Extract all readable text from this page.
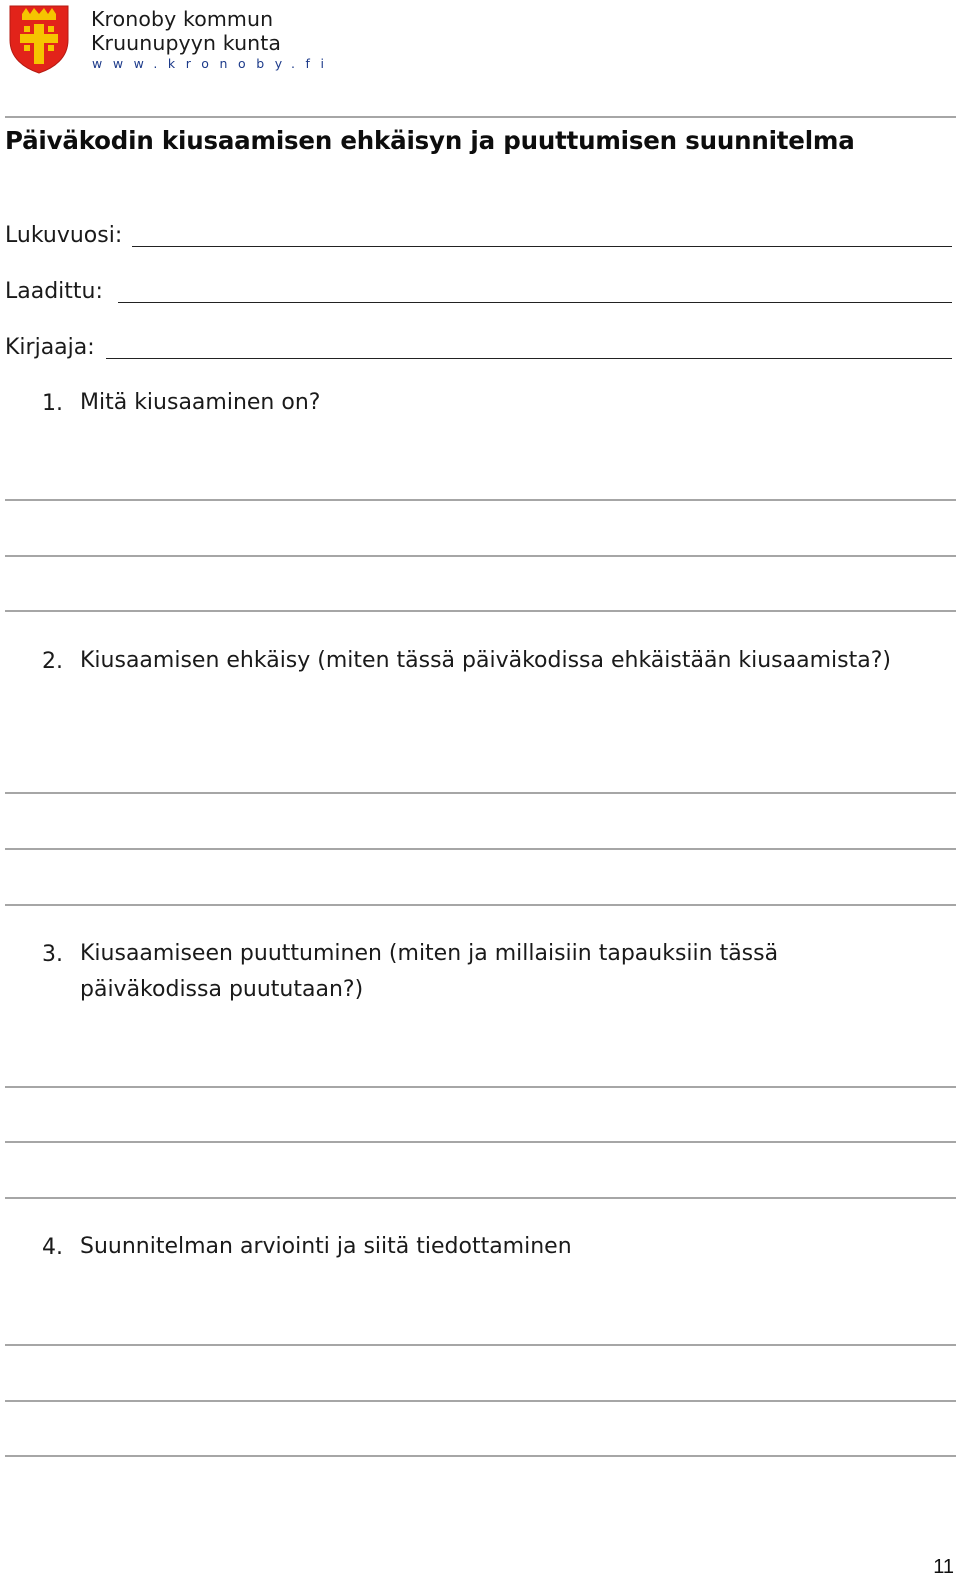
Kronoby kommun
Kruunupyyn kunta
www.kronoby.fi
Päiväkodin kiusaamisen ehkäisyn ja puuttumisen suunnitelma
Lukuvuosi:
Laadittu:
Kirjaaja:
1. Mitä kiusaaminen on?
2. Kiusaamisen ehkäisy (miten tässä päiväkodissa ehkäistään kiusaamista?)
3. Kiusaamiseen puuttuminen (miten ja millaisiin tapauksiin tässä päiväkodissa puututaan?)
4. Suunnitelman arviointi ja siitä tiedottaminen
11
